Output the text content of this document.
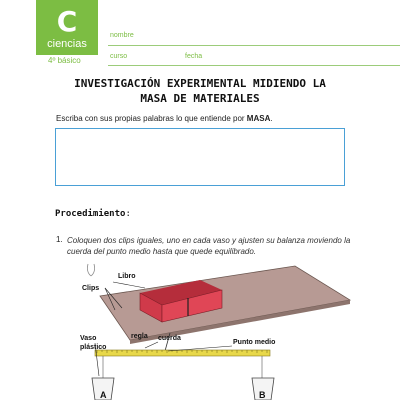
C
ciencias
4º básico
nombre
curso	fecha
INVESTIGACIÓN EXPERIMENTAL MIDIENDO LA
MASA DE MATERIALES
Escriba con sus propias palabras lo que entiende por MASA.
Procedimiento:
1. Coloquen dos clips iguales, uno en cada vaso y ajusten su balanza moviendo la cuerda del punto medio hasta que quede equilibrado.
Libro
Clips
regla cuerda
Punto medio
Vaso
plástico
A	B
